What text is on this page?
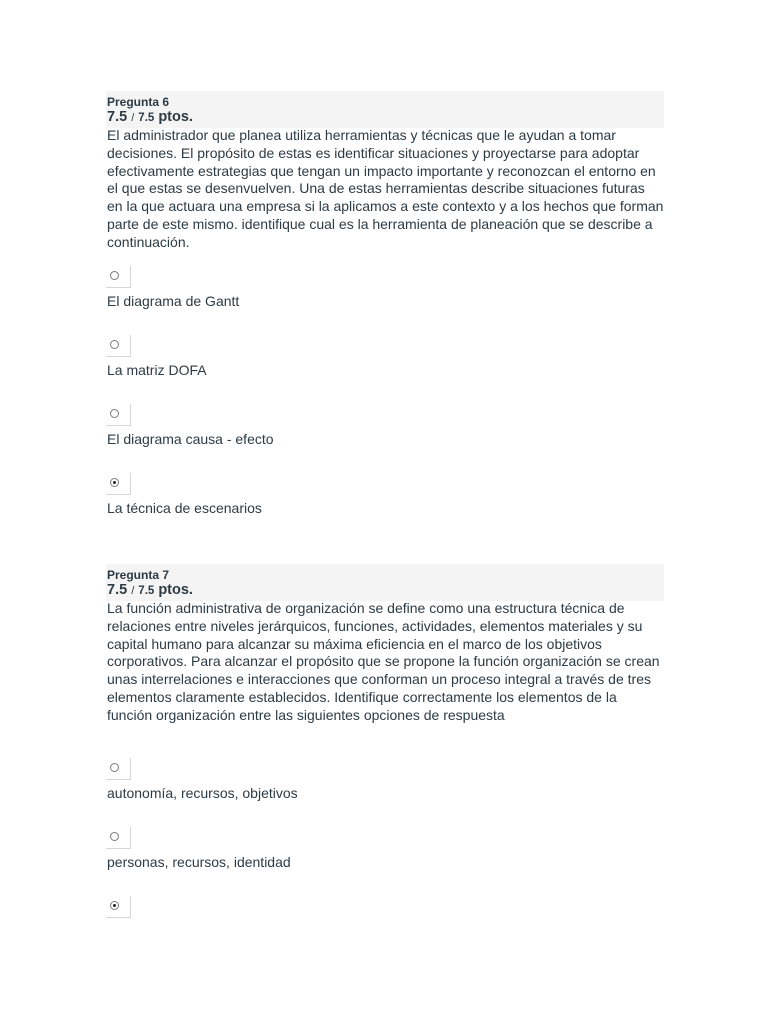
Pregunta 6
7.5 / 7.5 ptos.
El administrador que planea utiliza herramientas y técnicas que le ayudan a tomar decisiones. El propósito de estas es identificar situaciones y proyectarse para adoptar efectivamente estrategias que tengan un impacto importante y reconozcan el entorno en el que estas se desenvuelven. Una de estas herramientas describe situaciones futuras en la que actuara una empresa si la aplicamos a este contexto y a los hechos que forman parte de este mismo. identifique cual es la herramienta de planeación que se describe a continuación.
El diagrama de Gantt
La matriz DOFA
El diagrama causa - efecto
La técnica de escenarios
Pregunta 7
7.5 / 7.5 ptos.
La función administrativa de organización se define como una estructura técnica de relaciones entre niveles jerárquicos, funciones, actividades, elementos materiales y su capital humano para alcanzar su máxima eficiencia en el marco de los objetivos corporativos. Para alcanzar el propósito que se propone la función organización se crean unas interrelaciones e interacciones que conforman un proceso integral a través de tres elementos claramente establecidos. Identifique correctamente los elementos de la función organización entre las siguientes opciones de respuesta
autonomía, recursos, objetivos
personas, recursos, identidad
